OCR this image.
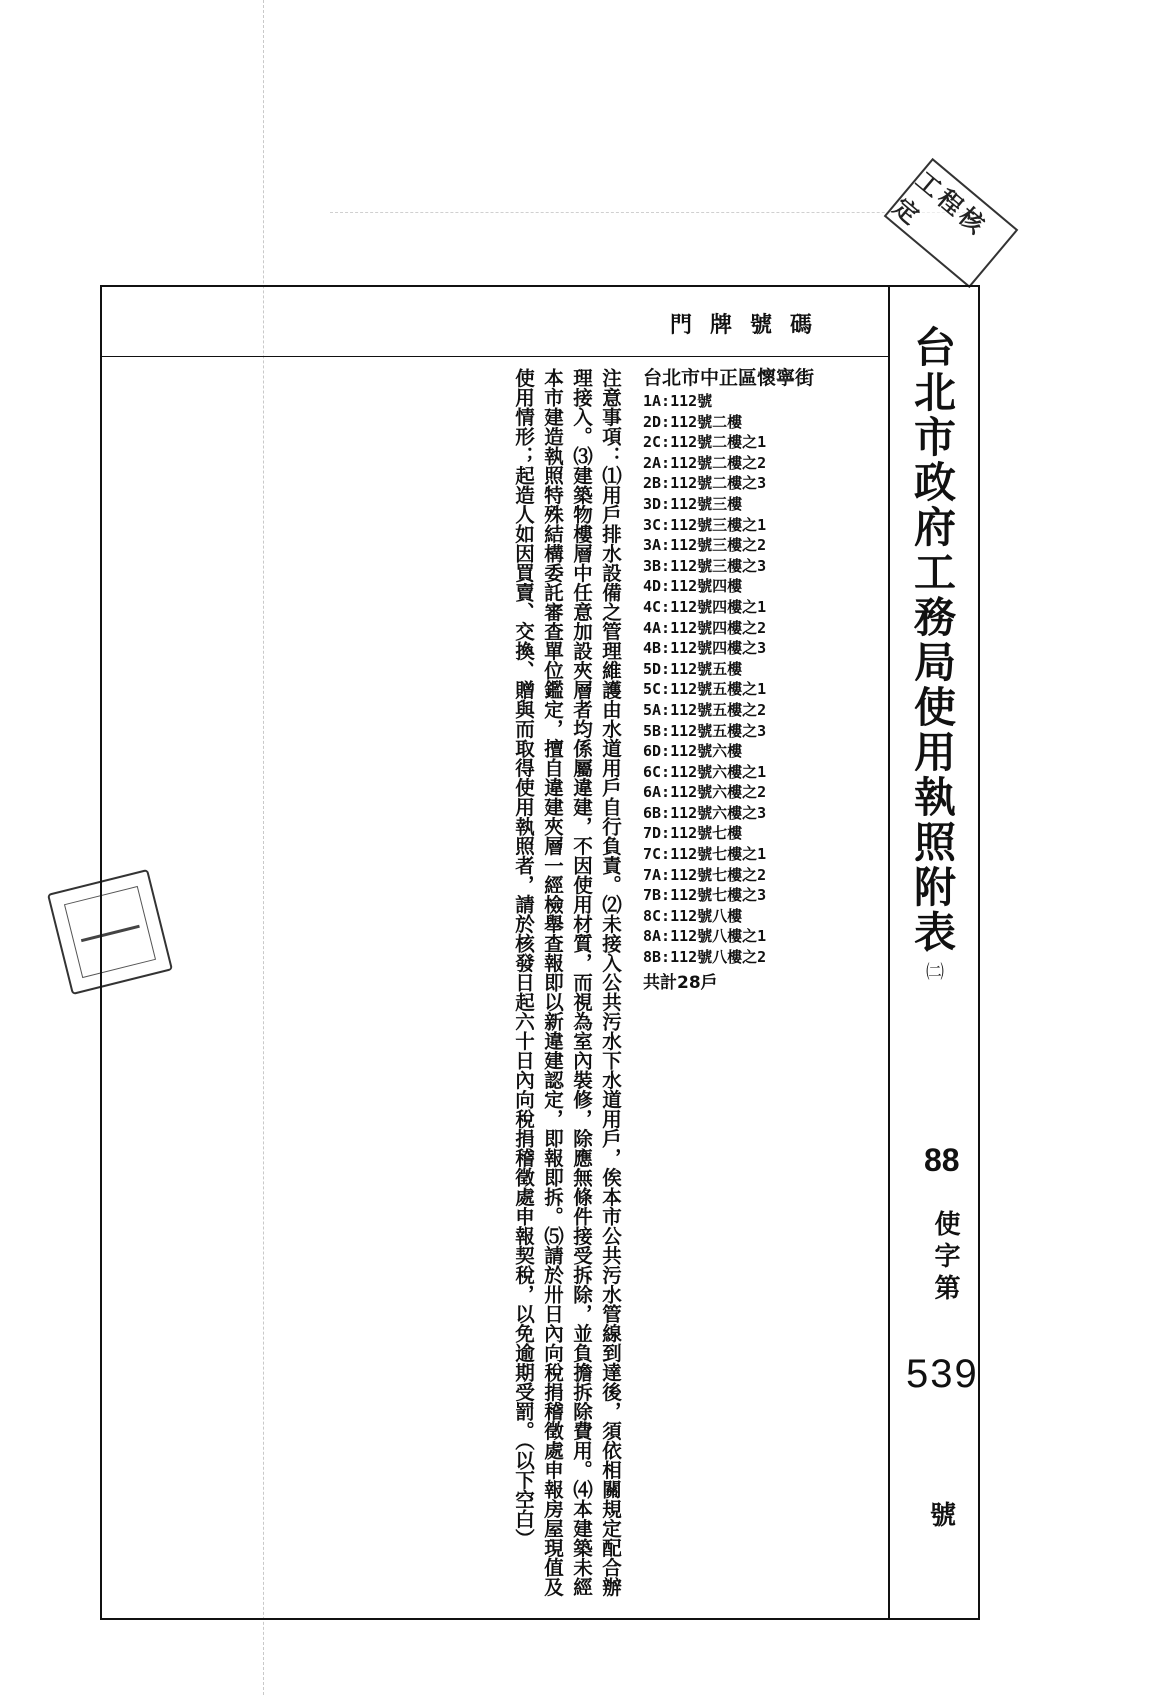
工程核定
台北市政府工務局使用執照附表
㈡
88
使字第
539
號
門牌號碼
台北市中正區懷寧街
1A:112號
2D:112號二樓
2C:112號二樓之1
2A:112號二樓之2
2B:112號二樓之3
3D:112號三樓
3C:112號三樓之1
3A:112號三樓之2
3B:112號三樓之3
4D:112號四樓
4C:112號四樓之1
4A:112號四樓之2
4B:112號四樓之3
5D:112號五樓
5C:112號五樓之1
5A:112號五樓之2
5B:112號五樓之3
6D:112號六樓
6C:112號六樓之1
6A:112號六樓之2
6B:112號六樓之3
7D:112號七樓
7C:112號七樓之1
7A:112號七樓之2
7B:112號七樓之3
8C:112號八樓
8A:112號八樓之1
8B:112號八樓之2
共計28戶

注意事項：⑴用戶排水設備之管理維護由水道用戶自行負責。⑵未接入公共污水下水道用戶，俟本市公共污水管線到達後，須依相關規定配合辦理接入。⑶建築物樓層中任意加設夾層者均係屬違建，不因使用材質，而視為室內裝修，除應無條件接受拆除，並負擔拆除費用。⑷本建築未經本市建造執照特殊結構委託審查單位鑑定，擅自違建夾層一經檢舉查報即以新違建認定，即報即拆。⑸請於卅日內向稅捐稽徵處申報房屋現值及使用情形；起造人如因買賣、交換、贈與而取得使用執照者，請於核發日起六十日內向稅捐稽徵處申報契稅，以免逾期受罰。（以下空白）
